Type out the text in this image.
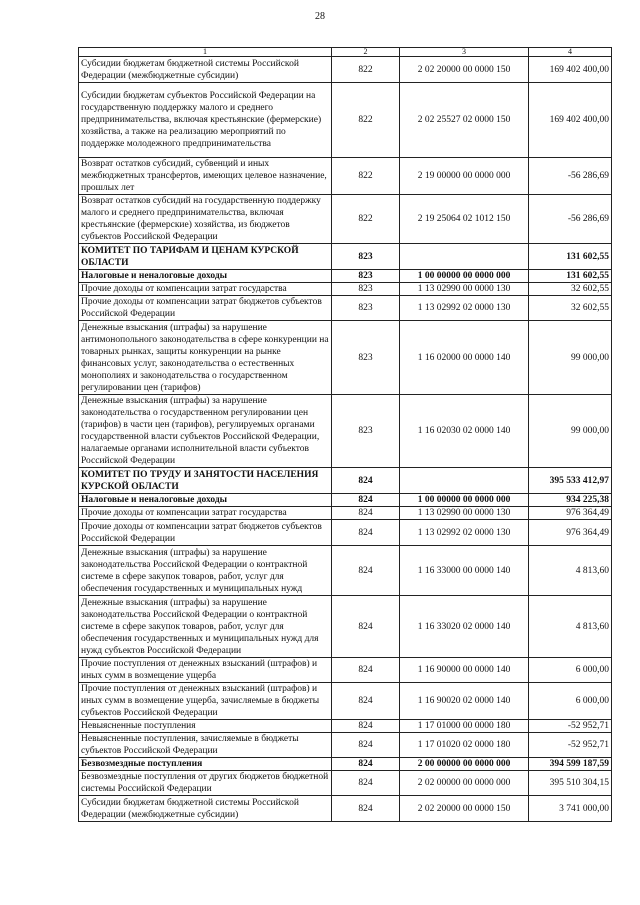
28
1	2	3	4
Субсидии бюджетам бюджетной системы Российской Федерации (межбюджетные субсидии)	822	2 02 20000 00 0000 150	169 402 400,00
Субсидии бюджетам субъектов Российской Федерации на государственную поддержку малого и среднего предпринимательства, включая крестьянские (фермерские) хозяйства, а также на реализацию мероприятий по поддержке молодежного предпринимательства	822	2 02 25527 02 0000 150	169 402 400,00
Возврат остатков субсидий, субвенций и иных межбюджетных трансфертов, имеющих целевое назначение, прошлых лет	822	2 19 00000 00 0000 000	-56 286,69
Возврат остатков субсидий на государственную поддержку малого и среднего предпринимательства, включая крестьянские (фермерские) хозяйства, из бюджетов субъектов Российской Федерации	822	2 19 25064 02 1012 150	-56 286,69
КОМИТЕТ ПО ТАРИФАМ И ЦЕНАМ КУРСКОЙ ОБЛАСТИ	823		131 602,55
Налоговые и неналоговые доходы	823	1 00 00000 00 0000 000	131 602,55
Прочие доходы от компенсации затрат государства	823	1 13 02990 00 0000 130	32 602,55
Прочие доходы от компенсации затрат бюджетов субъектов Российской Федерации	823	1 13 02992 02 0000 130	32 602,55
Денежные взыскания (штрафы) за нарушение антимонопольного законодательства в сфере конкуренции на товарных рынках, защиты конкуренции на рынке финансовых услуг, законодательства о естественных монополиях и законодательства о государственном регулировании цен (тарифов)	823	1 16 02000 00 0000 140	99 000,00
Денежные взыскания (штрафы) за нарушение законодательства о государственном регулировании цен (тарифов) в части цен (тарифов), регулируемых органами государственной власти субъектов Российской Федерации, налагаемые органами исполнительной власти субъектов Российской Федерации	823	1 16 02030 02 0000 140	99 000,00
КОМИТЕТ ПО ТРУДУ И ЗАНЯТОСТИ НАСЕЛЕНИЯ КУРСКОЙ ОБЛАСТИ	824		395 533 412,97
Налоговые и неналоговые доходы	824	1 00 00000 00 0000 000	934 225,38
Прочие доходы от компенсации затрат государства	824	1 13 02990 00 0000 130	976 364,49
Прочие доходы от компенсации затрат бюджетов субъектов Российской Федерации	824	1 13 02992 02 0000 130	976 364,49
Денежные взыскания (штрафы) за нарушение законодательства Российской Федерации о контрактной системе в сфере закупок товаров, работ, услуг для обеспечения государственных и муниципальных нужд	824	1 16 33000 00 0000 140	4 813,60
Денежные взыскания (штрафы) за нарушение законодательства Российской Федерации о контрактной системе в сфере закупок товаров, работ, услуг для обеспечения государственных и муниципальных нужд для нужд субъектов Российской Федерации	824	1 16 33020 02 0000 140	4 813,60
Прочие поступления от денежных взысканий (штрафов) и иных сумм в возмещение ущерба	824	1 16 90000 00 0000 140	6 000,00
Прочие поступления от денежных взысканий (штрафов) и иных сумм в возмещение ущерба, зачисляемые в бюджеты субъектов Российской Федерации	824	1 16 90020 02 0000 140	6 000,00
Невыясненные поступления	824	1 17 01000 00 0000 180	-52 952,71
Невыясненные поступления, зачисляемые в бюджеты субъектов Российской Федерации	824	1 17 01020 02 0000 180	-52 952,71
Безвозмездные поступления	824	2 00 00000 00 0000 000	394 599 187,59
Безвозмездные поступления от других бюджетов бюджетной системы Российской Федерации	824	2 02 00000 00 0000 000	395 510 304,15
Субсидии бюджетам бюджетной системы Российской Федерации (межбюджетные субсидии)	824	2 02 20000 00 0000 150	3 741 000,00
